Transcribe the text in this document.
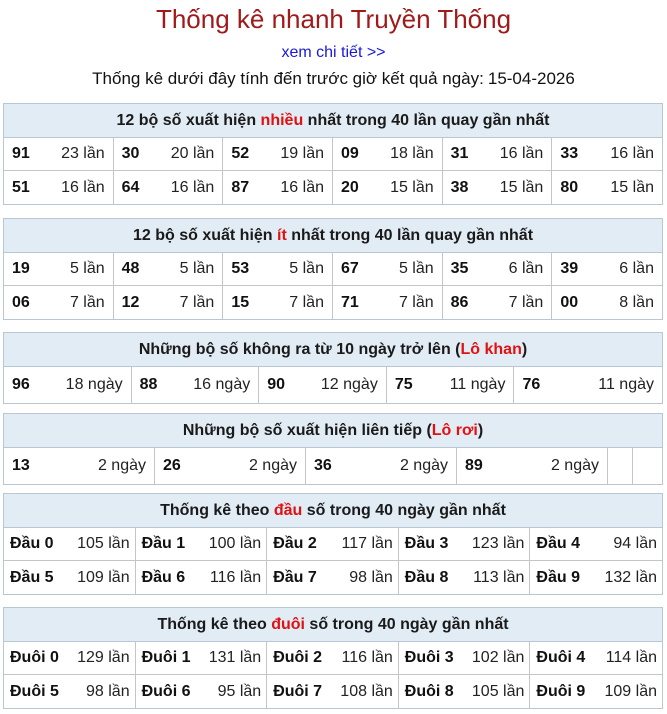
Thống kê nhanh Truyền Thống
xem chi tiết >>
Thống kê dưới đây tính đến trước giờ kết quả ngày: 15-04-2026
12 bộ số xuất hiện nhiều nhất trong 40 lần quay gần nhất
91 23 lần 30 20 lần 52 19 lần 09 18 lần 31 16 lần 33 16 lần
51 16 lần 64 16 lần 87 16 lần 20 15 lần 38 15 lần 80 15 lần
12 bộ số xuất hiện ít nhất trong 40 lần quay gần nhất
19	5 lần 48	5 lần 53	5 lần 67	5 lần 35	6 lần 39	6 lần
06	7 lần 12	7 lần 15	7 lần 71	7 lần 86	7 lần 00	8 lần
Những bộ số không ra từ 10 ngày trở lên (Lô khan)
96 18 ngày 88 16 ngày 90 12 ngày 75 11 ngày 76	11 ngày
Những bộ số xuất hiện liên tiếp (Lô rơi)
13	2 ngày 26	2 ngày 36	2 ngày 89	2 ngày
Thống kê theo đầu số trong 40 ngày gần nhất
Đầu 0 105 lần Đầu 1 100 lần Đầu 2 117 lần Đầu 3 123 lần Đầu 4 94 lần
Đầu 5 109 lần Đầu 6 116 lần Đầu 7 98 lần Đầu 8 113 lần Đầu 9 132 lần
Thống kê theo đuôi số trong 40 ngày gần nhất
Đuôi 0 129 lần Đuôi 1 131 lần Đuôi 2 116 lần Đuôi 3 102 lần Đuôi 4 114 lần
Đuôi 5 98 lần Đuôi 6 95 lần Đuôi 7 108 lần Đuôi 8 105 lần Đuôi 9 109 lần
